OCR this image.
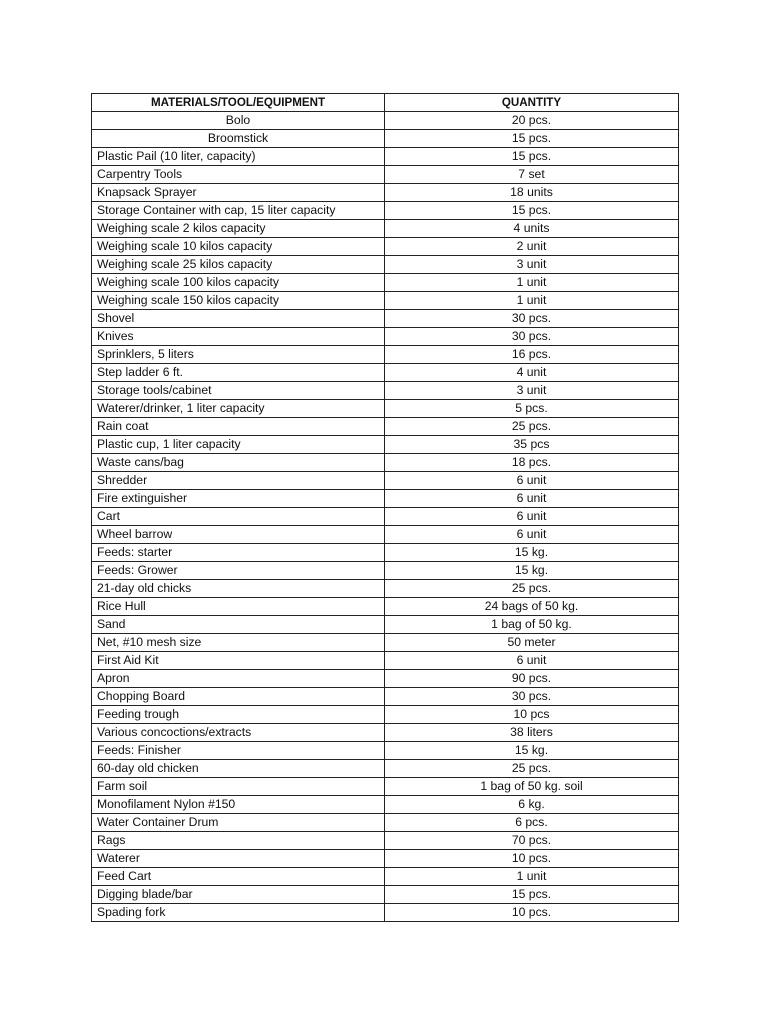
MATERIALS/TOOL/EQUIPMENT	QUANTITY
Bolo	20 pcs.
Broomstick	15 pcs.
Plastic Pail (10 liter, capacity)	15 pcs.
Carpentry Tools	7 set
Knapsack Sprayer	18 units
Storage Container with cap, 15 liter capacity	15 pcs.
Weighing scale 2 kilos capacity	4 units
Weighing scale 10 kilos capacity	2 unit
Weighing scale 25 kilos capacity	3 unit
Weighing scale 100 kilos capacity	1 unit
Weighing scale 150 kilos capacity	1 unit
Shovel	30 pcs.
Knives	30 pcs.
Sprinklers, 5 liters	16 pcs.
Step ladder 6 ft.	4 unit
Storage tools/cabinet	3 unit
Waterer/drinker, 1 liter capacity	5 pcs.
Rain coat	25 pcs.
Plastic cup, 1 liter capacity	35 pcs
Waste cans/bag	18 pcs.
Shredder	6 unit
Fire extinguisher	6 unit
Cart	6 unit
Wheel barrow	6 unit
Feeds: starter	15 kg.
Feeds: Grower	15 kg.
21-day old chicks	25 pcs.
Rice Hull	24 bags of 50 kg.
Sand	1 bag of 50 kg.
Net, #10 mesh size	50 meter
First Aid Kit	6 unit
Apron	90 pcs.
Chopping Board	30 pcs.
Feeding trough	10 pcs
Various concoctions/extracts	38 liters
Feeds: Finisher	15 kg.
60-day old chicken	25 pcs.
Farm soil	1 bag of 50 kg. soil
Monofilament Nylon #150	6 kg.
Water Container Drum	6 pcs.
Rags	70 pcs.
Waterer	10 pcs.
Feed Cart	1 unit
Digging blade/bar	15 pcs.
Spading fork	10 pcs.
